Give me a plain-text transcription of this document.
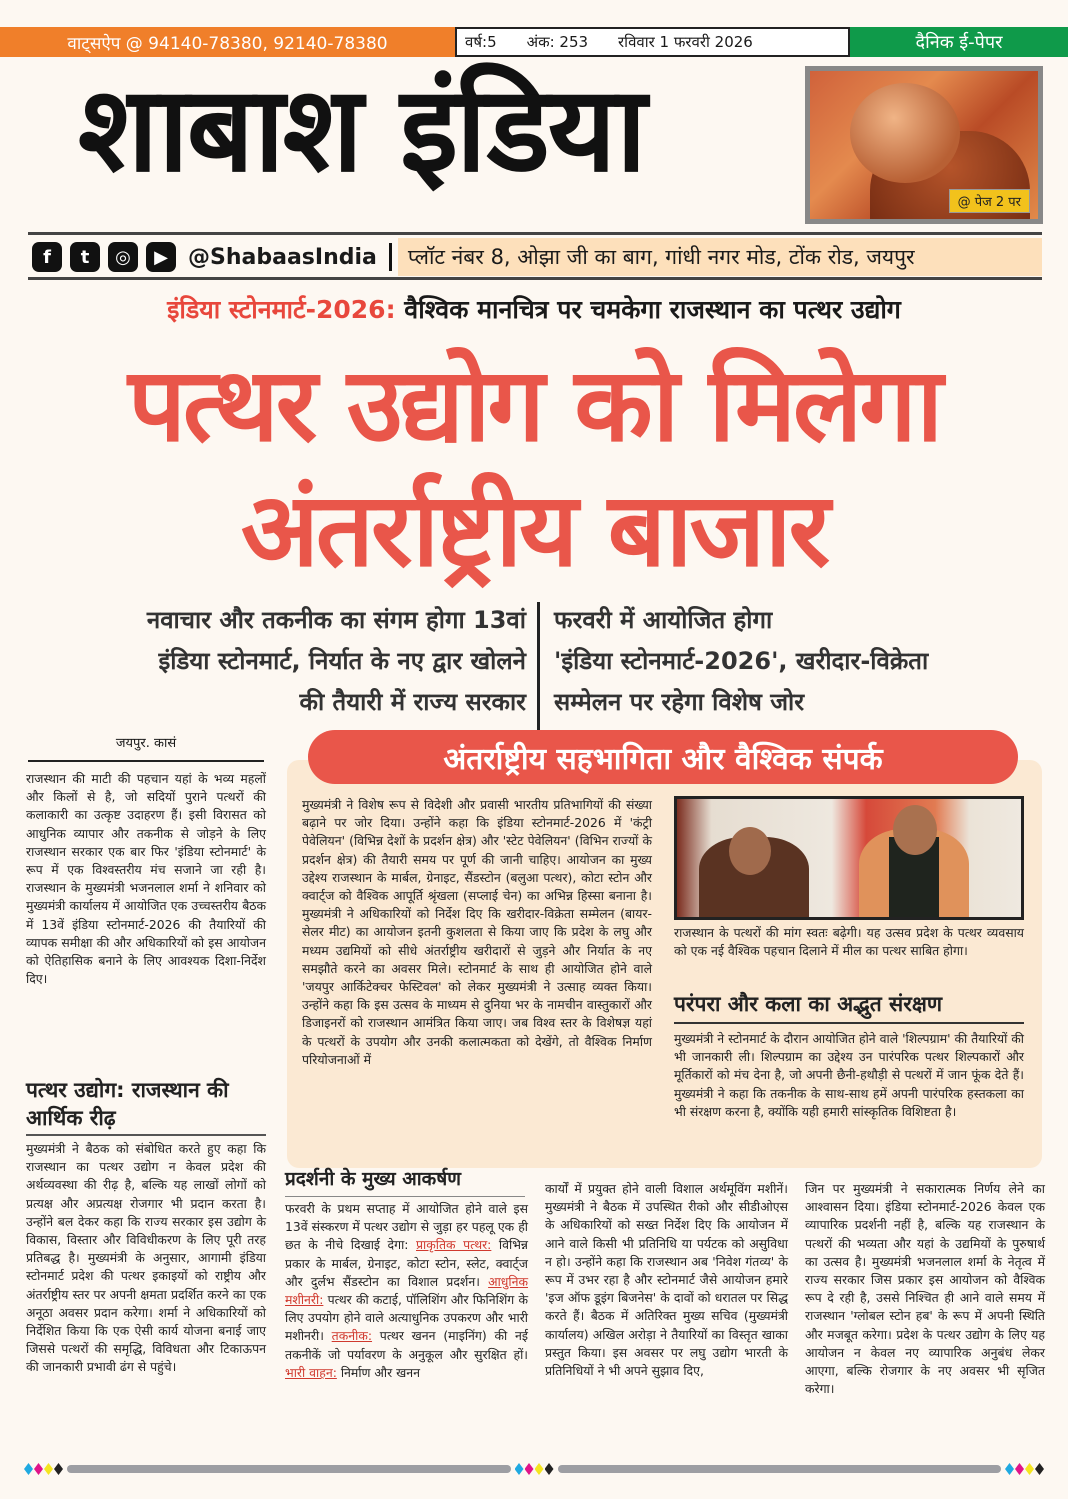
वाट्सऐप @ 94140-78380, 92140-78380	वर्ष:5 अंक: 253 रविवार 1 फरवरी 2026	दैनिक ई-पेपर
शाबाश इंडिया
@ पेज 2 पर
f	t	◎	▶ @ShabaasIndia	प्लॉट नंबर 8, ओझा जी का बाग, गांधी नगर मोड, टोंक रोड, जयपुर
इंडिया स्टोनमार्ट-2026: वैश्विक मानचित्र पर चमकेगा राजस्थान का पत्थर उद्योग
पत्थर उद्योग को मिलेगा
अंतर्राष्ट्रीय बाजार
नवाचार और तकनीक का संगम होगा 13वां
इंडिया स्टोनमार्ट, निर्यात के नए द्वार खोलने
की तैयारी में राज्य सरकार
फरवरी में आयोजित होगा
'इंडिया स्टोनमार्ट-2026', खरीदार-विक्रेता
सम्मेलन पर रहेगा विशेष जोर
जयपुर. कासं
राजस्थान की माटी की पहचान यहां के भव्य महलों और किलों से है, जो सदियों पुराने पत्थरों की कलाकारी का उत्कृष्ट उदाहरण हैं। इसी विरासत को आधुनिक व्यापार और तकनीक से जोड़ने के लिए राजस्थान सरकार एक बार फिर 'इंडिया स्टोनमार्ट' के रूप में एक विश्वस्तरीय मंच सजाने जा रही है। राजस्थान के मुख्यमंत्री भजनलाल शर्मा ने शनिवार को मुख्यमंत्री कार्यालय में आयोजित एक उच्चस्तरीय बैठक में 13वें इंडिया स्टोनमार्ट-2026 की तैयारियों की व्यापक समीक्षा की और अधिकारियों को इस आयोजन को ऐतिहासिक बनाने के लिए आवश्यक दिशा-निर्देश दिए।
पत्थर उद्योग: राजस्थान की आर्थिक रीढ़
मुख्यमंत्री ने बैठक को संबोधित करते हुए कहा कि राजस्थान का पत्थर उद्योग न केवल प्रदेश की अर्थव्यवस्था की रीढ़ है, बल्कि यह लाखों लोगों को प्रत्यक्ष और अप्रत्यक्ष रोजगार भी प्रदान करता है। उन्होंने बल देकर कहा कि राज्य सरकार इस उद्योग के विकास, विस्तार और विविधीकरण के लिए पूरी तरह प्रतिबद्ध है। मुख्यमंत्री के अनुसार, आगामी इंडिया स्टोनमार्ट प्रदेश की पत्थर इकाइयों को राष्ट्रीय और अंतर्राष्ट्रीय स्तर पर अपनी क्षमता प्रदर्शित करने का एक अनूठा अवसर प्रदान करेगा। शर्मा ने अधिकारियों को निर्देशित किया कि एक ऐसी कार्य योजना बनाई जाए जिससे पत्थरों की समृद्धि, विविधता और टिकाऊपन की जानकारी प्रभावी ढंग से पहुंचे।
अंतर्राष्ट्रीय सहभागिता और वैश्विक संपर्क
मुख्यमंत्री ने विशेष रूप से विदेशी और प्रवासी भारतीय प्रतिभागियों की संख्या बढ़ाने पर जोर दिया। उन्होंने कहा कि इंडिया स्टोनमार्ट-2026 में 'कंट्री पेवेलियन' (विभिन्न देशों के प्रदर्शन क्षेत्र) और 'स्टेट पेवेलियन' (विभिन राज्यों के प्रदर्शन क्षेत्र) की तैयारी समय पर पूर्ण की जानी चाहिए। आयोजन का मुख्य उद्देश्य राजस्थान के मार्बल, ग्रेनाइट, सैंडस्टोन (बलुआ पत्थर), कोटा स्टोन और क्वार्ट्ज को वैश्विक आपूर्ति श्रृंखला (सप्लाई चेन) का अभिन्न हिस्सा बनाना है। मुख्यमंत्री ने अधिकारियों को निर्देश दिए कि खरीदार-विक्रेता सम्मेलन (बायर-सेलर मीट) का आयोजन इतनी कुशलता से किया जाए कि प्रदेश के लघु और मध्यम उद्यमियों को सीधे अंतर्राष्ट्रीय खरीदारों से जुड़ने और निर्यात के नए समझौते करने का अवसर मिले। स्टोनमार्ट के साथ ही आयोजित होने वाले 'जयपुर आर्किटेक्चर फेस्टिवल' को लेकर मुख्यमंत्री ने उत्साह व्यक्त किया। उन्होंने कहा कि इस उत्सव के माध्यम से दुनिया भर के नामचीन वास्तुकारों और डिजाइनरों को राजस्थान आमंत्रित किया जाए। जब विश्व स्तर के विशेषज्ञ यहां के पत्थरों के उपयोग और उनकी कलात्मकता को देखेंगे, तो वैश्विक निर्माण परियोजनाओं में
राजस्थान के पत्थरों की मांग स्वतः बढ़ेगी। यह उत्सव प्रदेश के पत्थर व्यवसाय को एक नई वैश्विक पहचान दिलाने में मील का पत्थर साबित होगा।
परंपरा और कला का अद्भुत संरक्षण
मुख्यमंत्री ने स्टोनमार्ट के दौरान आयोजित होने वाले 'शिल्पग्राम' की तैयारियों की भी जानकारी ली। शिल्पग्राम का उद्देश्य उन पारंपरिक पत्थर शिल्पकारों और मूर्तिकारों को मंच देना है, जो अपनी छैनी-हथौड़ी से पत्थरों में जान फूंक देते हैं। मुख्यमंत्री ने कहा कि तकनीक के साथ-साथ हमें अपनी पारंपरिक हस्तकला का भी संरक्षण करना है, क्योंकि यही हमारी सांस्कृतिक विशिष्टता है।
प्रदर्शनी के मुख्य आकर्षण
फरवरी के प्रथम सप्ताह में आयोजित होने वाले इस 13वें संस्करण में पत्थर उद्योग से जुड़ा हर पहलू एक ही छत के नीचे दिखाई देगा: प्राकृतिक पत्थर: विभिन्न प्रकार के मार्बल, ग्रेनाइट, कोटा स्टोन, स्लेट, क्वार्ट्ज और दुर्लभ सैंडस्टोन का विशाल प्रदर्शन। आधुनिक मशीनरी: पत्थर की कटाई, पॉलिशिंग और फिनिशिंग के लिए उपयोग होने वाले अत्याधुनिक उपकरण और भारी मशीनरी। तकनीक: पत्थर खनन (माइनिंग) की नई तकनीकें जो पर्यावरण के अनुकूल और सुरक्षित हों। भारी वाहन: निर्माण और खनन
कार्यों में प्रयुक्त होने वाली विशाल अर्थमूविंग मशीनें। मुख्यमंत्री ने बैठक में उपस्थित रीको और सीडीओएस के अधिकारियों को सख्त निर्देश दिए कि आयोजन में आने वाले किसी भी प्रतिनिधि या पर्यटक को असुविधा न हो। उन्होंने कहा कि राजस्थान अब 'निवेश गंतव्य' के रूप में उभर रहा है और स्टोनमार्ट जैसे आयोजन हमारे 'इज ऑफ डूइंग बिजनेस' के दावों को धरातल पर सिद्ध करते हैं। बैठक में अतिरिक्त मुख्य सचिव (मुख्यमंत्री कार्यालय) अखिल अरोड़ा ने तैयारियों का विस्तृत खाका प्रस्तुत किया। इस अवसर पर लघु उद्योग भारती के प्रतिनिधियों ने भी अपने सुझाव दिए,
जिन पर मुख्यमंत्री ने सकारात्मक निर्णय लेने का आश्वासन दिया। इंडिया स्टोनमार्ट-2026 केवल एक व्यापारिक प्रदर्शनी नहीं है, बल्कि यह राजस्थान के पत्थरों की भव्यता और यहां के उद्यमियों के पुरुषार्थ का उत्सव है। मुख्यमंत्री भजनलाल शर्मा के नेतृत्व में राज्य सरकार जिस प्रकार इस आयोजन को वैश्विक रूप दे रही है, उससे निश्चित ही आने वाले समय में राजस्थान 'ग्लोबल स्टोन हब' के रूप में अपनी स्थिति और मजबूत करेगा। प्रदेश के पत्थर उद्योग के लिए यह आयोजन न केवल नए व्यापारिक अनुबंध लेकर आएगा, बल्कि रोजगार के नए अवसर भी सृजित करेगा।
